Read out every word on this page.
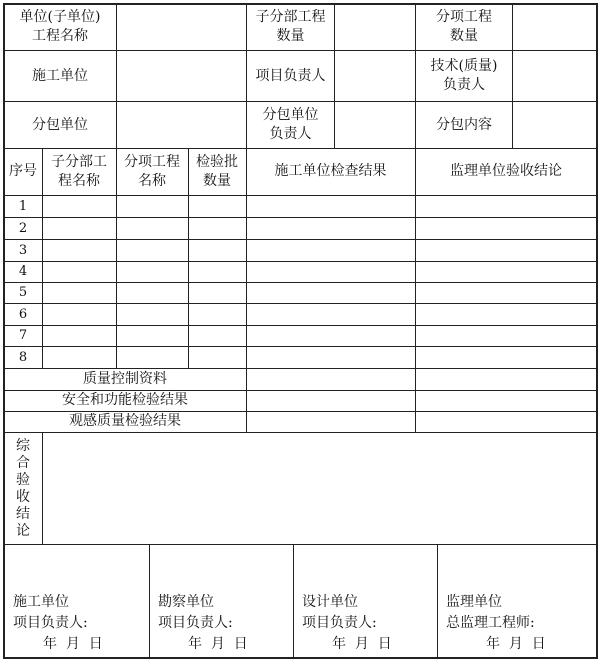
单位(子单位)
工程名称
子分部工程
数量
分项工程
数量
施工单位	项目负责人
技术(质量)
负责人
分包单位
分包单位
负责人
分包内容
序号
子分部工
程名称
分项工程
名称
检验批
数量
施工单位检查结果	监理单位验收结论
1
2
3
4
5
6
7
8
质量控制资料
安全和功能检验结果
观感质量检验结果
综
合
验
收
结
论
施工单位
项目负责人:
年  月  日
勘察单位
项目负责人:
年  月  日
设计单位
项目负责人:
年  月  日
监理单位
总监理工程师:
年  月  日
